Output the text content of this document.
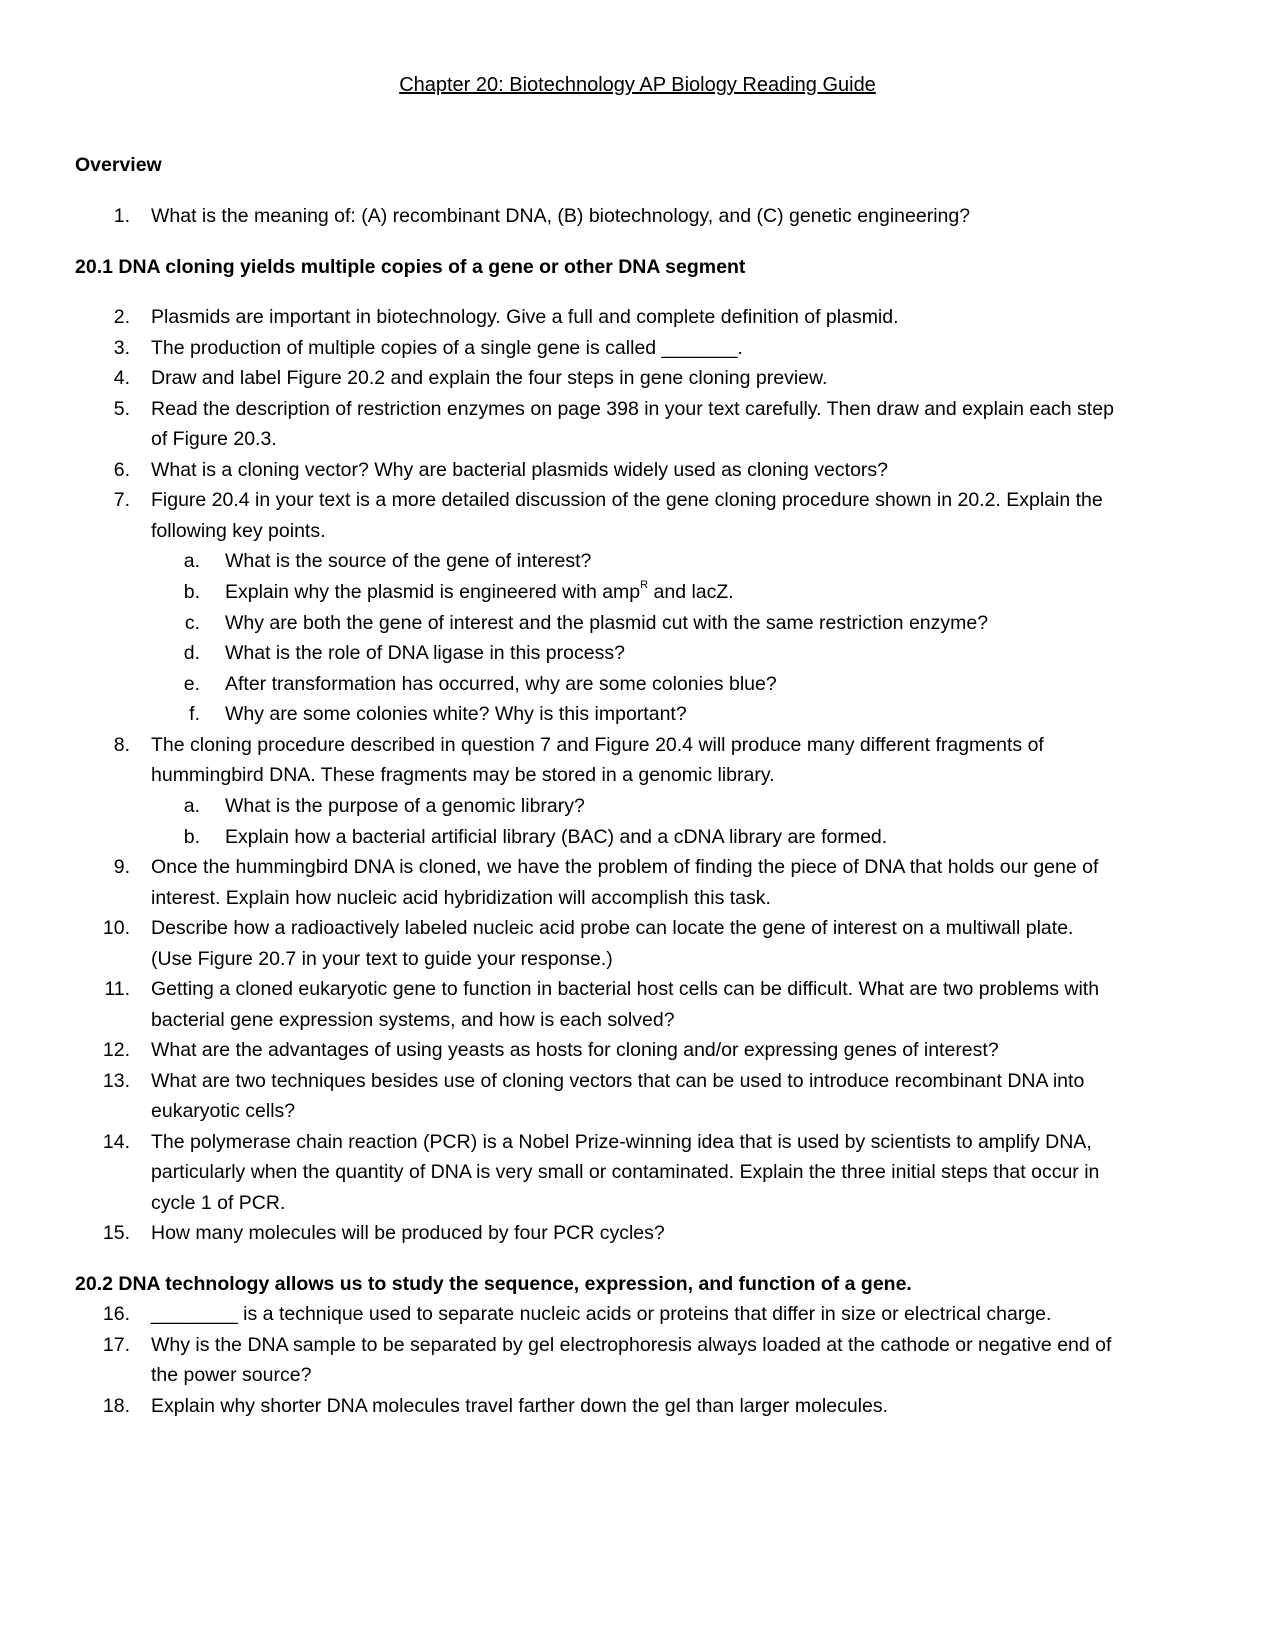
Chapter 20: Biotechnology AP Biology Reading Guide
Overview
1. What is the meaning of: (A) recombinant DNA, (B) biotechnology, and (C) genetic engineering?
20.1 DNA cloning yields multiple copies of a gene or other DNA segment
2. Plasmids are important in biotechnology. Give a full and complete definition of plasmid.
3. The production of multiple copies of a single gene is called _______.
4. Draw and label Figure 20.2 and explain the four steps in gene cloning preview.
5. Read the description of restriction enzymes on page 398 in your text carefully. Then draw and explain each step
of Figure 20.3.
6. What is a cloning vector? Why are bacterial plasmids widely used as cloning vectors?
7. Figure 20.4 in your text is a more detailed discussion of the gene cloning procedure shown in 20.2. Explain the
following key points.
a. What is the source of the gene of interest?
b. Explain why the plasmid is engineered with amp$^R$ and lacZ.
c. Why are both the gene of interest and the plasmid cut with the same restriction enzyme?
d. What is the role of DNA ligase in this process?
e. After transformation has occurred, why are some colonies blue?
f. Why are some colonies white? Why is this important?
8. The cloning procedure described in question 7 and Figure 20.4 will produce many different fragments of
hummingbird DNA. These fragments may be stored in a genomic library.
a. What is the purpose of a genomic library?
b. Explain how a bacterial artificial library (BAC) and a cDNA library are formed.
9. Once the hummingbird DNA is cloned, we have the problem of finding the piece of DNA that holds our gene of
interest. Explain how nucleic acid hybridization will accomplish this task.
10. Describe how a radioactively labeled nucleic acid probe can locate the gene of interest on a multiwall plate.
(Use Figure 20.7 in your text to guide your response.)
11. Getting a cloned eukaryotic gene to function in bacterial host cells can be difficult. What are two problems with
bacterial gene expression systems, and how is each solved?
12. What are the advantages of using yeasts as hosts for cloning and/or expressing genes of interest?
13. What are two techniques besides use of cloning vectors that can be used to introduce recombinant DNA into
eukaryotic cells?
14. The polymerase chain reaction (PCR) is a Nobel Prize-winning idea that is used by scientists to amplify DNA,
particularly when the quantity of DNA is very small or contaminated. Explain the three initial steps that occur in
cycle 1 of PCR.
15. How many molecules will be produced by four PCR cycles?
20.2 DNA technology allows us to study the sequence, expression, and function of a gene.
16. ________ is a technique used to separate nucleic acids or proteins that differ in size or electrical charge.
17. Why is the DNA sample to be separated by gel electrophoresis always loaded at the cathode or negative end of
the power source?
18. Explain why shorter DNA molecules travel farther down the gel than larger molecules.
